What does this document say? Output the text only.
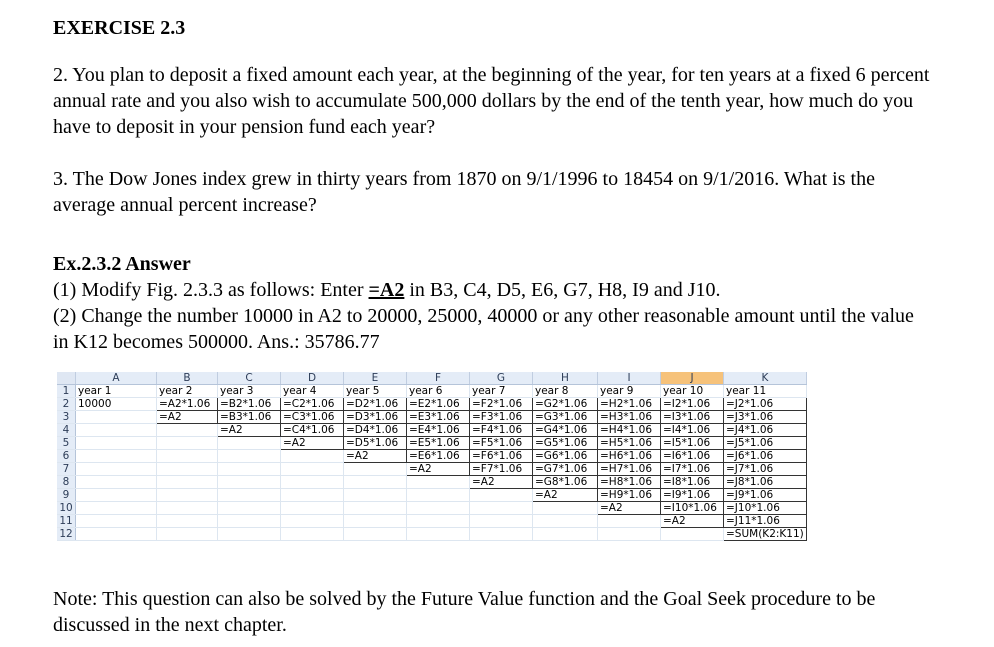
EXERCISE 2.3

2. You plan to deposit a fixed amount each year, at the beginning of the year, for ten years at a fixed 6 percent annual rate and you also wish to accumulate 500,000 dollars by the end of the tenth year, how much do you have to deposit in your pension fund each year?

3. The Dow Jones index grew in thirty years from 1870 on 9/1/1996 to 18454 on 9/1/2016. What is the average annual percent increase?

Ex.2.3.2 Answer

(1) Modify Fig. 2.3.3 as follows: Enter =A2 in B3, C4, D5, E6, G7, H8, I9 and J10.
(2) Change the number 10000 in A2 to 20000, 25000, 40000 or any other reasonable amount until the value in K12 becomes 500000. Ans.: 35786.77

	A	B	C	D	E	F	G	H	I	J	K
1	year 1	year 2	year 3	year 4	year 5	year 6	year 7	year 8	year 9	year 10	year 11
2	10000	=A2*1.06	=B2*1.06	=C2*1.06	=D2*1.06	=E2*1.06	=F2*1.06	=G2*1.06	=H2*1.06	=I2*1.06	=J2*1.06
3		=A2	=B3*1.06	=C3*1.06	=D3*1.06	=E3*1.06	=F3*1.06	=G3*1.06	=H3*1.06	=I3*1.06	=J3*1.06
4			=A2	=C4*1.06	=D4*1.06	=E4*1.06	=F4*1.06	=G4*1.06	=H4*1.06	=I4*1.06	=J4*1.06
5				=A2	=D5*1.06	=E5*1.06	=F5*1.06	=G5*1.06	=H5*1.06	=I5*1.06	=J5*1.06
6					=A2	=E6*1.06	=F6*1.06	=G6*1.06	=H6*1.06	=I6*1.06	=J6*1.06
7						=A2	=F7*1.06	=G7*1.06	=H7*1.06	=I7*1.06	=J7*1.06
8							=A2	=G8*1.06	=H8*1.06	=I8*1.06	=J8*1.06
9								=A2	=H9*1.06	=I9*1.06	=J9*1.06
10									=A2	=I10*1.06	=J10*1.06
11										=A2	=J11*1.06
12											=SUM(K2:K11)

Note: This question can also be solved by the Future Value function and the Goal Seek procedure to be discussed in the next chapter.
